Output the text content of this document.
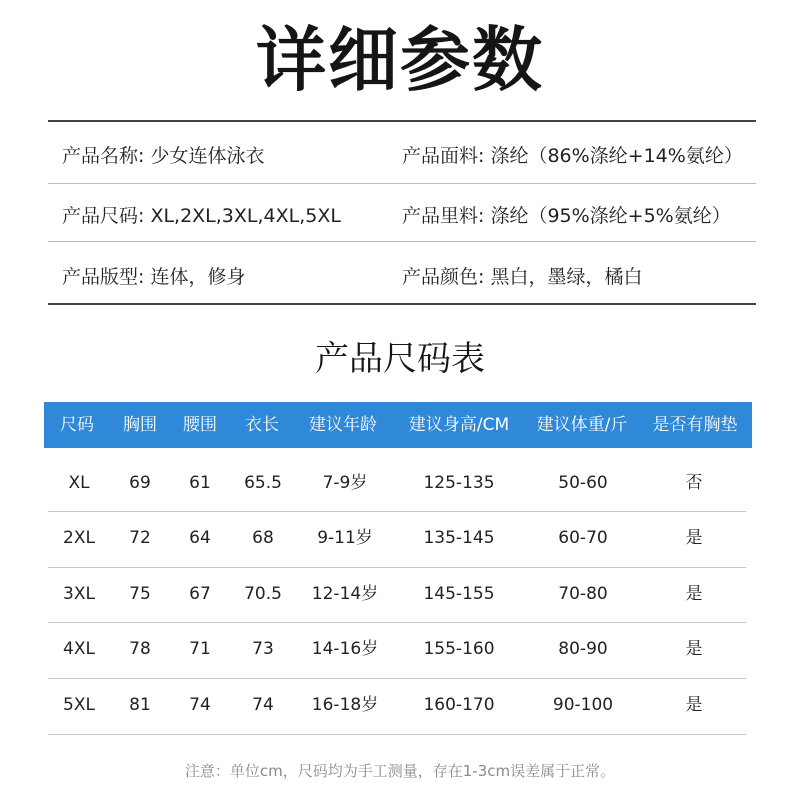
详细参数
产品名称: 少女连体泳衣	产品面料: 涤纶（86%涤纶+14%氨纶）
产品尺码: XL,2XL,3XL,4XL,5XL	产品里料: 涤纶（95%涤纶+5%氨纶）
产品版型: 连体，修身	产品颜色: 黑白，墨绿，橘白
产品尺码表
尺码	胸围	腰围	衣长	建议年龄	建议身高/CM	建议体重/斤	是否有胸垫
XL	69	61	65.5	7-9岁	125-135	50-60	否
2XL	72	64	68	9-11岁	135-145	60-70	是
3XL	75	67	70.5	12-14岁	145-155	70-80	是
4XL	78	71	73	14-16岁	155-160	80-90	是
5XL	81	74	74	16-18岁	160-170	90-100	是
注意：单位cm，尺码均为手工测量，存在1-3cm误差属于正常。
